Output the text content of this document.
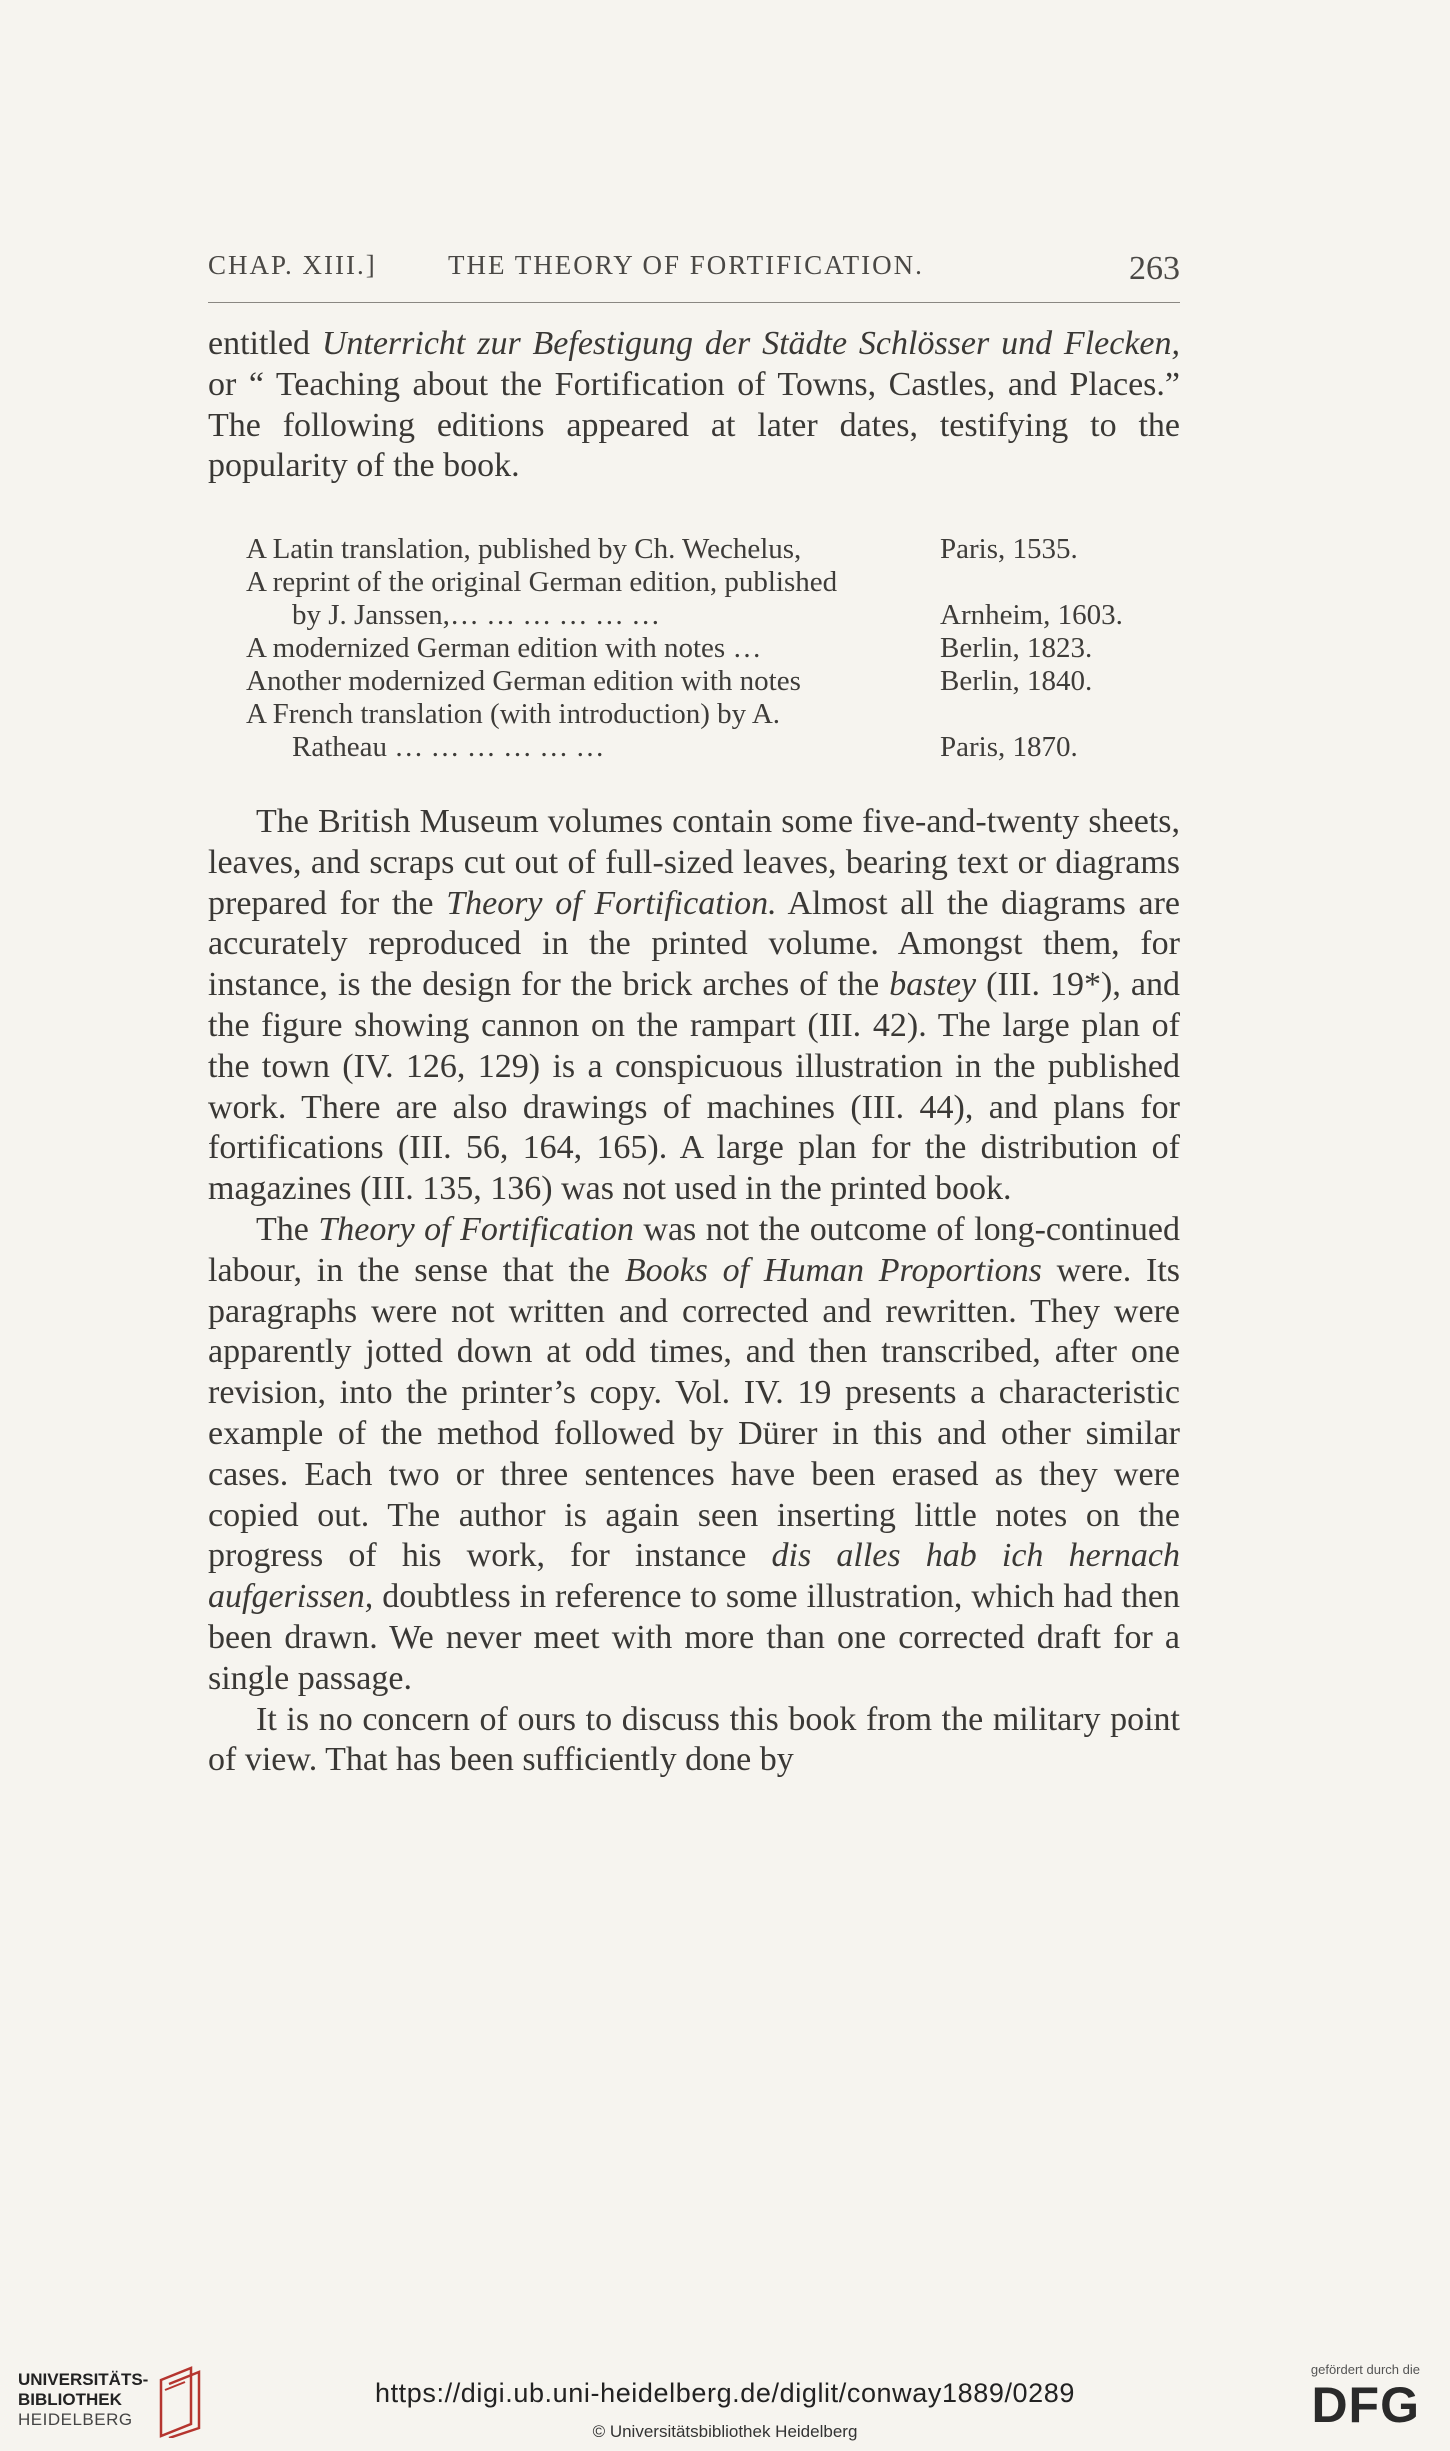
CHAP. XIII.]	THE THEORY OF FORTIFICATION.	263

entitled Unterricht zur Befestigung der Städte Schlösser und Flecken, or “ Teaching about the Fortification of Towns, Castles, and Places.” The following editions appeared at later dates, testifying to the popularity of the book.

A Latin translation, published by Ch. Wechelus,	Paris, 1535.
A reprint of the original German edition, published
by J. Janssen,… … … … … …	Arnheim, 1603.
A modernized German edition with notes …	Berlin, 1823.
Another modernized German edition with notes	Berlin, 1840.
A French translation (with introduction) by A.
Ratheau … … … … … …	Paris, 1870.

The British Museum volumes contain some five-and-twenty sheets, leaves, and scraps cut out of full-sized leaves, bearing text or diagrams prepared for the Theory of Fortification. Almost all the diagrams are accurately reproduced in the printed volume. Amongst them, for instance, is the design for the brick arches of the bastey (III. 19*), and the figure showing cannon on the rampart (III. 42). The large plan of the town (IV. 126, 129) is a conspicuous illustration in the published work. There are also drawings of machines (III. 44), and plans for fortifications (III. 56, 164, 165). A large plan for the distribution of magazines (III. 135, 136) was not used in the printed book.

The Theory of Fortification was not the outcome of long-continued labour, in the sense that the Books of Human Proportions were. Its paragraphs were not written and corrected and rewritten. They were apparently jotted down at odd times, and then transcribed, after one revision, into the printer’s copy. Vol. IV. 19 presents a characteristic example of the method followed by Dürer in this and other similar cases. Each two or three sentences have been erased as they were copied out. The author is again seen inserting little notes on the progress of his work, for instance dis alles hab ich hernach aufgerissen, doubtless in reference to some illustration, which had then been drawn. We never meet with more than one corrected draft for a single passage.

It is no concern of ours to discuss this book from the military point of view. That has been sufficiently done by

UNIVERSITÄTS-
BIBLIOTHEK
HEIDELBERG
https://digi.ub.uni-heidelberg.de/diglit/conway1889/0289
© Universitätsbibliothek Heidelberg
gefördert durch die
DFG
